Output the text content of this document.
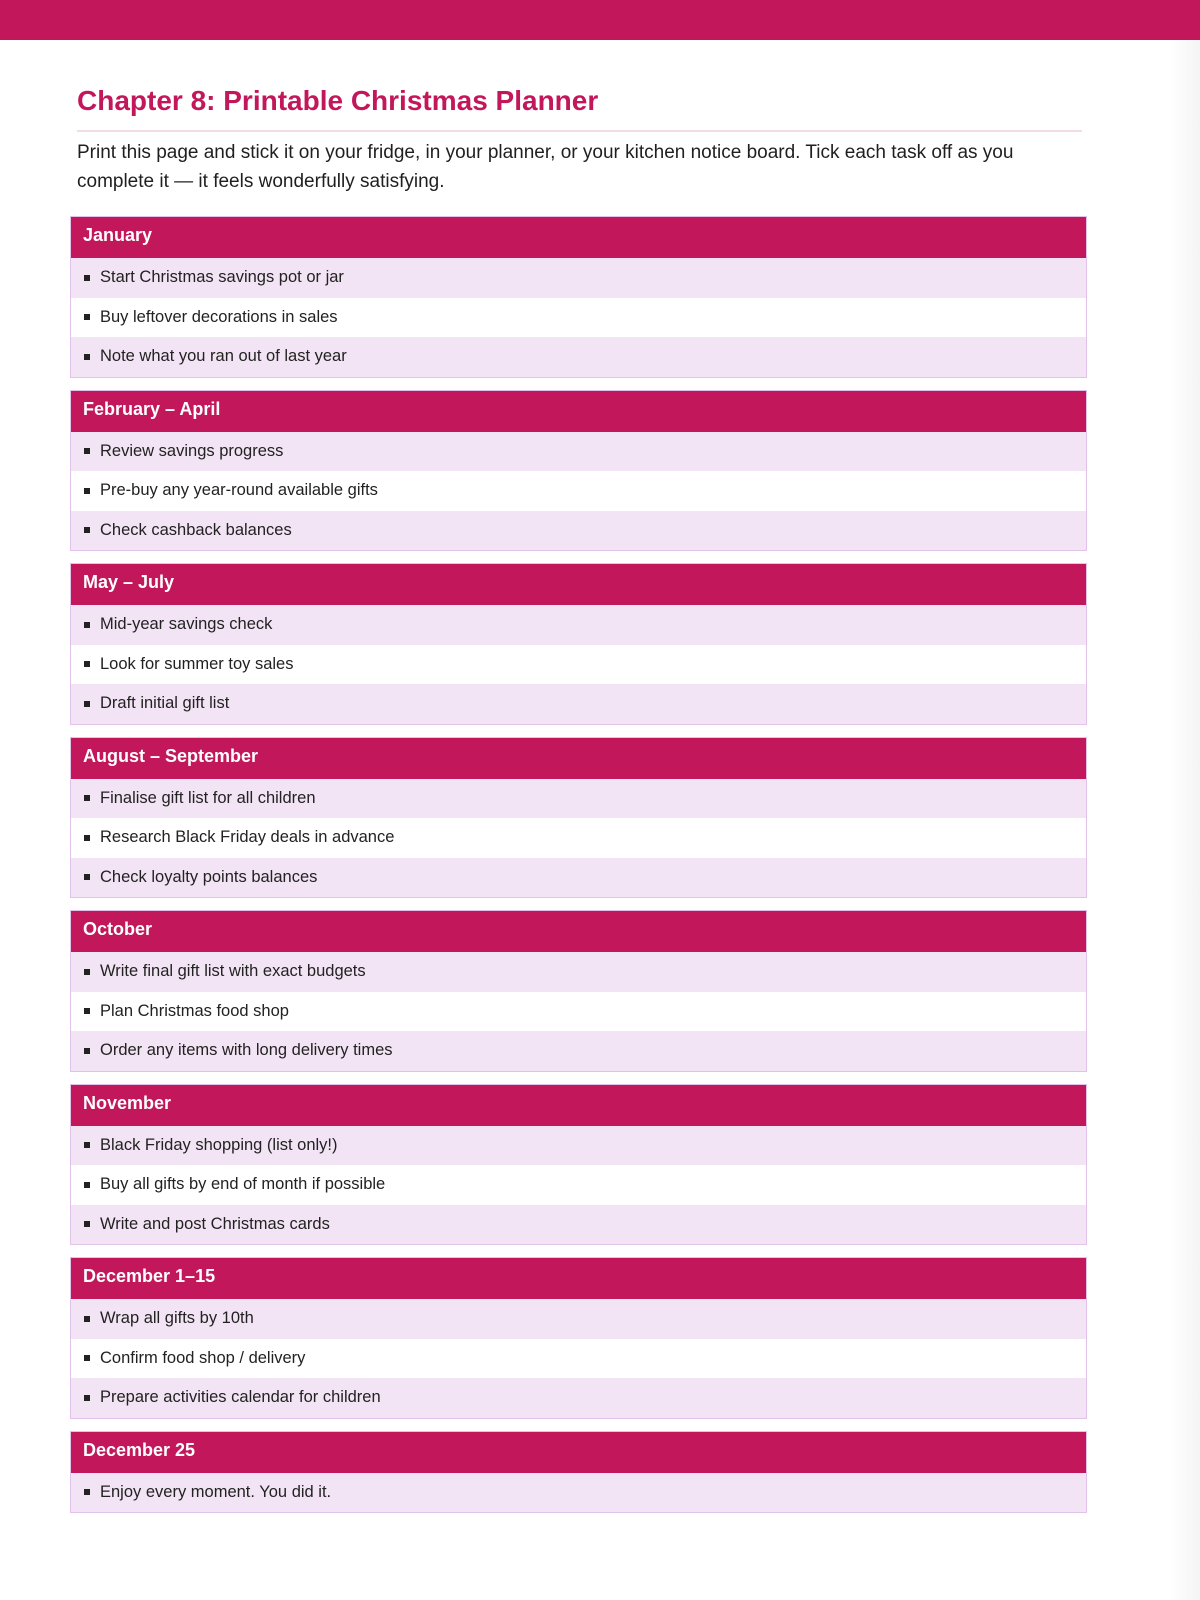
Chapter 8: Printable Christmas Planner

Print this page and stick it on your fridge, in your planner, or your kitchen notice board. Tick each task off as you complete it — it feels wonderfully satisfying.

January
Start Christmas savings pot or jar
Buy leftover decorations in sales
Note what you ran out of last year
February – April
Review savings progress
Pre-buy any year-round available gifts
Check cashback balances
May – July
Mid-year savings check
Look for summer toy sales
Draft initial gift list
August – September
Finalise gift list for all children
Research Black Friday deals in advance
Check loyalty points balances
October
Write final gift list with exact budgets
Plan Christmas food shop
Order any items with long delivery times
November
Black Friday shopping (list only!)
Buy all gifts by end of month if possible
Write and post Christmas cards
December 1–15
Wrap all gifts by 10th
Confirm food shop / delivery
Prepare activities calendar for children
December 25
Enjoy every moment. You did it.
